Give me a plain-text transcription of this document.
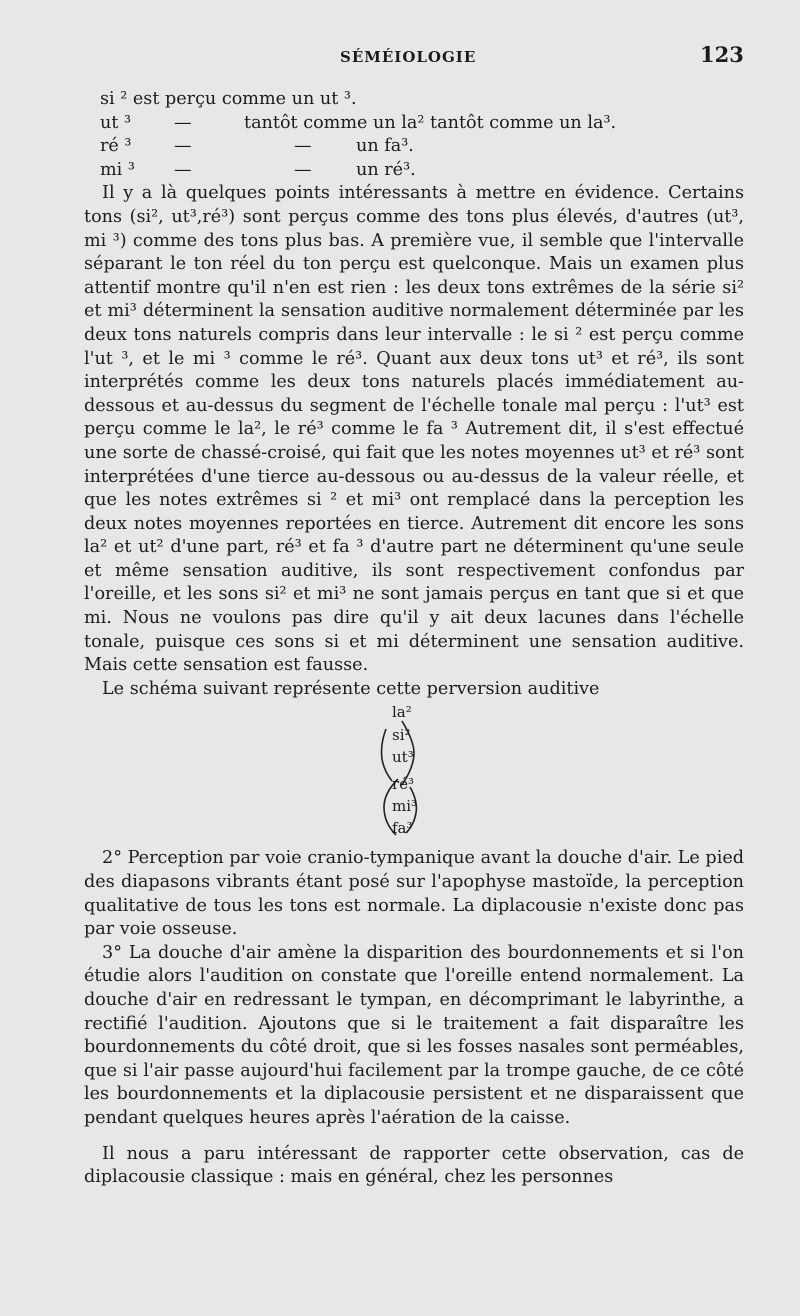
SÉMÉIOLOGIE	123
si ² est perçu comme un ut ³.
ut ³ —	tantôt comme un la² tantôt comme un la³.
ré ³ —	—	un fa³.
mi ³ —	—	un ré³.

Il y a là quelques points intéressants à mettre en évidence. Certains tons (si², ut³,ré³) sont perçus comme des tons plus élevés, d'autres (ut³, mi ³) comme des tons plus bas. A première vue, il semble que l'intervalle séparant le ton réel du ton perçu est quelconque. Mais un examen plus attentif montre qu'il n'en est rien : les deux tons extrêmes de la série si² et mi³ déterminent la sensation auditive normalement déterminée par les deux tons naturels compris dans leur intervalle : le si ² est perçu comme l'ut ³, et le mi ³ comme le ré³. Quant aux deux tons ut³ et ré³, ils sont interprétés comme les deux tons naturels placés immédiatement au-dessous et au-dessus du segment de l'échelle tonale mal perçu : l'ut³ est perçu comme le la², le ré³ comme le fa ³ Autrement dit, il s'est effectué une sorte de chassé-croisé, qui fait que les notes moyennes ut³ et ré³ sont interprétées d'une tierce au-dessous ou au-dessus de la valeur réelle, et que les notes extrêmes si ² et mi³ ont remplacé dans la perception les deux notes moyennes reportées en tierce. Autrement dit encore les sons la² et ut² d'une part, ré³ et fa ³ d'autre part ne déterminent qu'une seule et même sensation auditive, ils sont respectivement confondus par l'oreille, et les sons si² et mi³ ne sont jamais perçus en tant que si et que mi. Nous ne voulons pas dire qu'il y ait deux lacunes dans l'échelle tonale, puisque ces sons si et mi déterminent une sensation auditive. Mais cette sensation est fausse.

Le schéma suivant représente cette perversion auditive

la²
si²
ut³
ré³
mi³
fa³

2° Perception par voie cranio-tympanique avant la douche d'air. Le pied des diapasons vibrants étant posé sur l'apophyse mastoïde, la perception qualitative de tous les tons est normale. La diplacousie n'existe donc pas par voie osseuse.

3° La douche d'air amène la disparition des bourdonnements et si l'on étudie alors l'audition on constate que l'oreille entend normalement. La douche d'air en redressant le tympan, en décomprimant le labyrinthe, a rectifié l'audition. Ajoutons que si le traitement a fait disparaître les bourdonnements du côté droit, que si les fosses nasales sont perméables, que si l'air passe aujourd'hui facilement par la trompe gauche, de ce côté les bourdonnements et la diplacousie persistent et ne disparaissent que pendant quelques heures après l'aération de la caisse.

Il nous a paru intéressant de rapporter cette observation, cas de diplacousie classique : mais en général, chez les personnes
